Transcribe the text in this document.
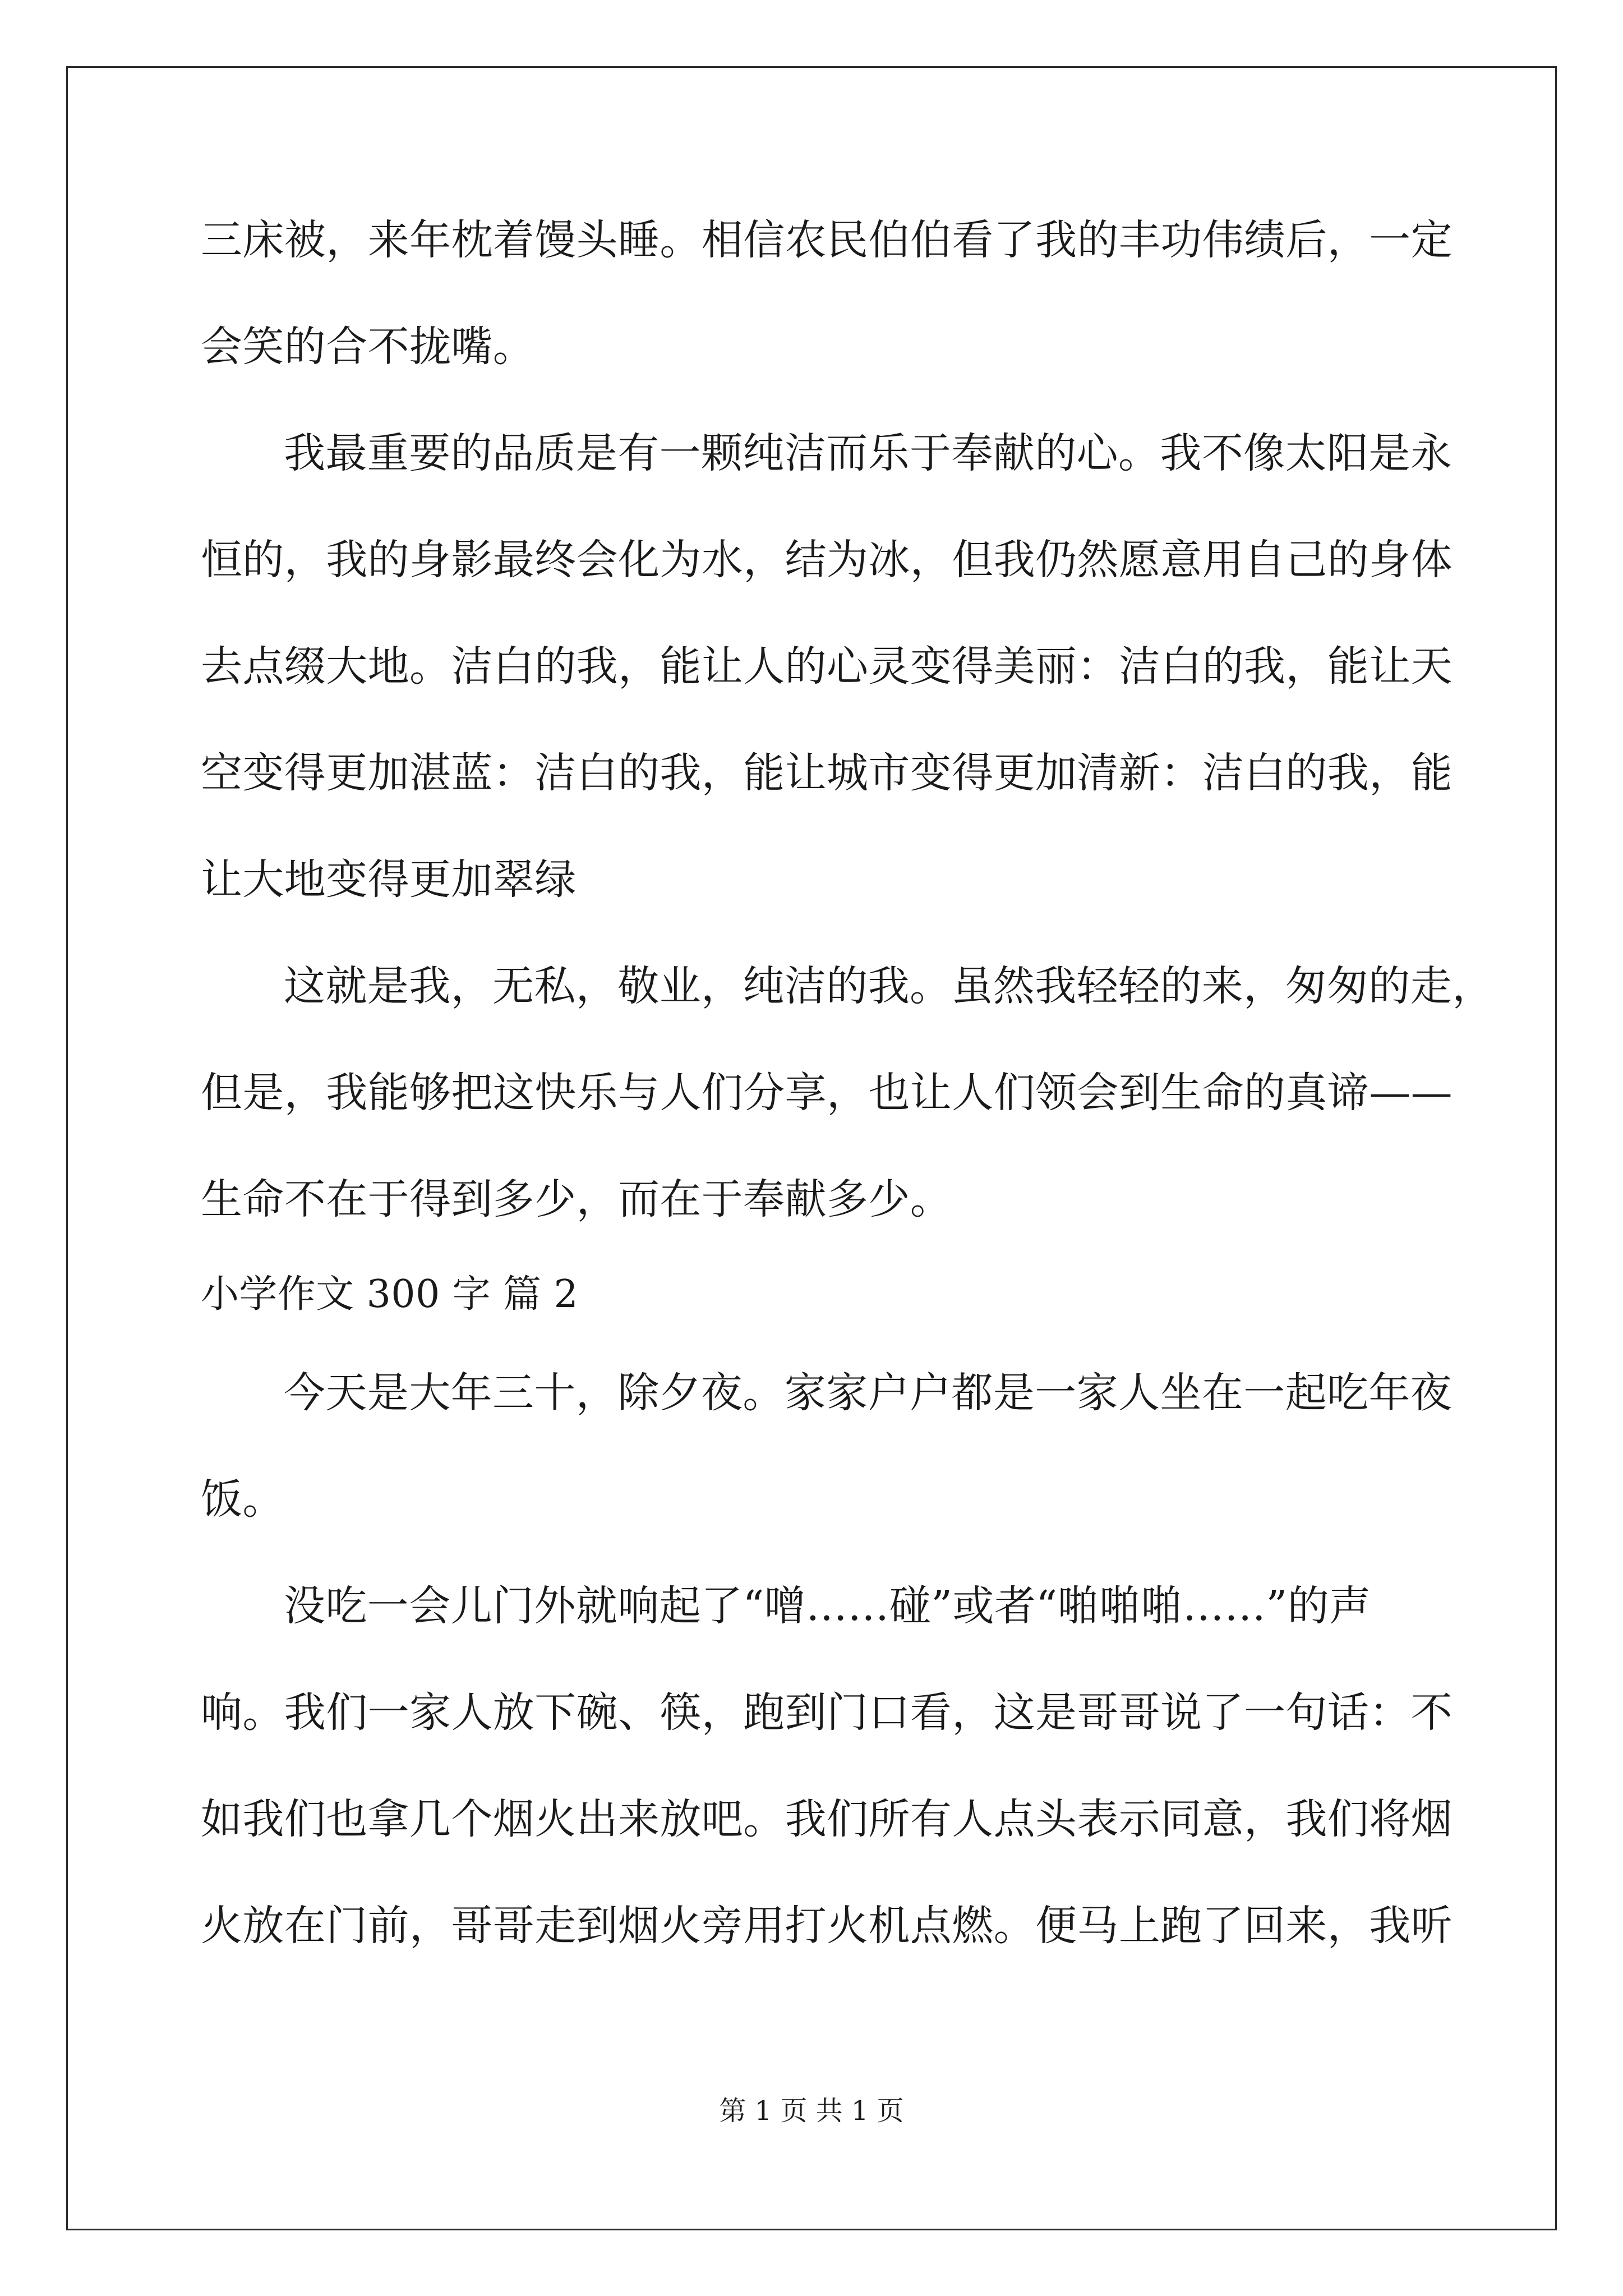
三床被，来年枕着馒头睡。相信农民伯伯看了我的丰功伟绩后，一定
会笑的合不拢嘴。
我最重要的品质是有一颗纯洁而乐于奉献的心。我不像太阳是永
恒的，我的身影最终会化为水，结为冰，但我仍然愿意用自己的身体
去点缀大地。洁白的我，能让人的心灵变得美丽：洁白的我，能让天
空变得更加湛蓝：洁白的我，能让城市变得更加清新：洁白的我，能
让大地变得更加翠绿
这就是我，无私，敬业，纯洁的我。虽然我轻轻的来，匆匆的走，
但是，我能够把这快乐与人们分享，也让人们领会到生命的真谛——
生命不在于得到多少，而在于奉献多少。
小学作文 300 字 篇 2
今天是大年三十，除夕夜。家家户户都是一家人坐在一起吃年夜
饭。
没吃一会儿门外就响起了“噌……碰”或者“啪啪啪……”的声
响。我们一家人放下碗、筷，跑到门口看，这是哥哥说了一句话：不
如我们也拿几个烟火出来放吧。我们所有人点头表示同意，我们将烟
火放在门前，哥哥走到烟火旁用打火机点燃。便马上跑了回来，我听
第 1 页 共 1 页
